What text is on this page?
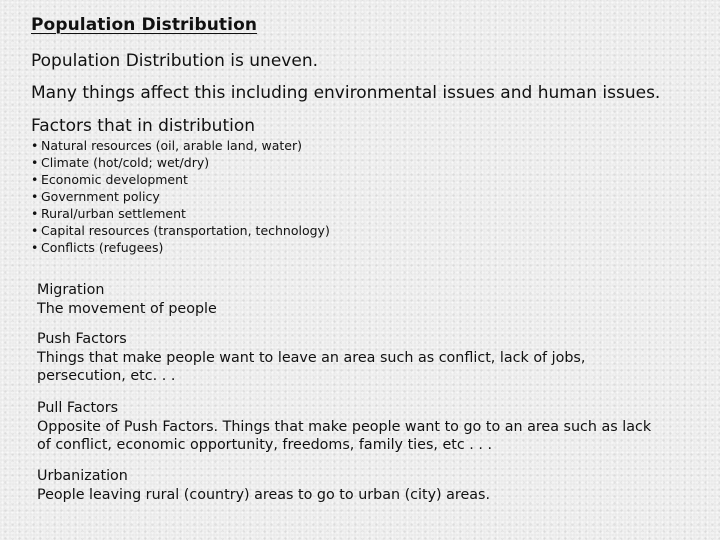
Population Distribution

Population Distribution is uneven.

Many things affect this including environmental issues and human issues.

Factors that in distribution

• Natural resources (oil, arable land, water)
• Climate (hot/cold; wet/dry)
• Economic development
• Government policy
• Rural/urban settlement
• Capital resources (transportation, technology)
• Conflicts (refugees)

Migration

The movement of people

Push Factors

Things that make people want to leave an area such as conflict, lack of jobs,

persecution, etc. . .

Pull Factors

Opposite of Push Factors. Things that make people want to go to an area such as lack

of conflict, economic opportunity, freedoms, family ties, etc . . .

Urbanization

People leaving rural (country) areas to go to urban (city) areas.
